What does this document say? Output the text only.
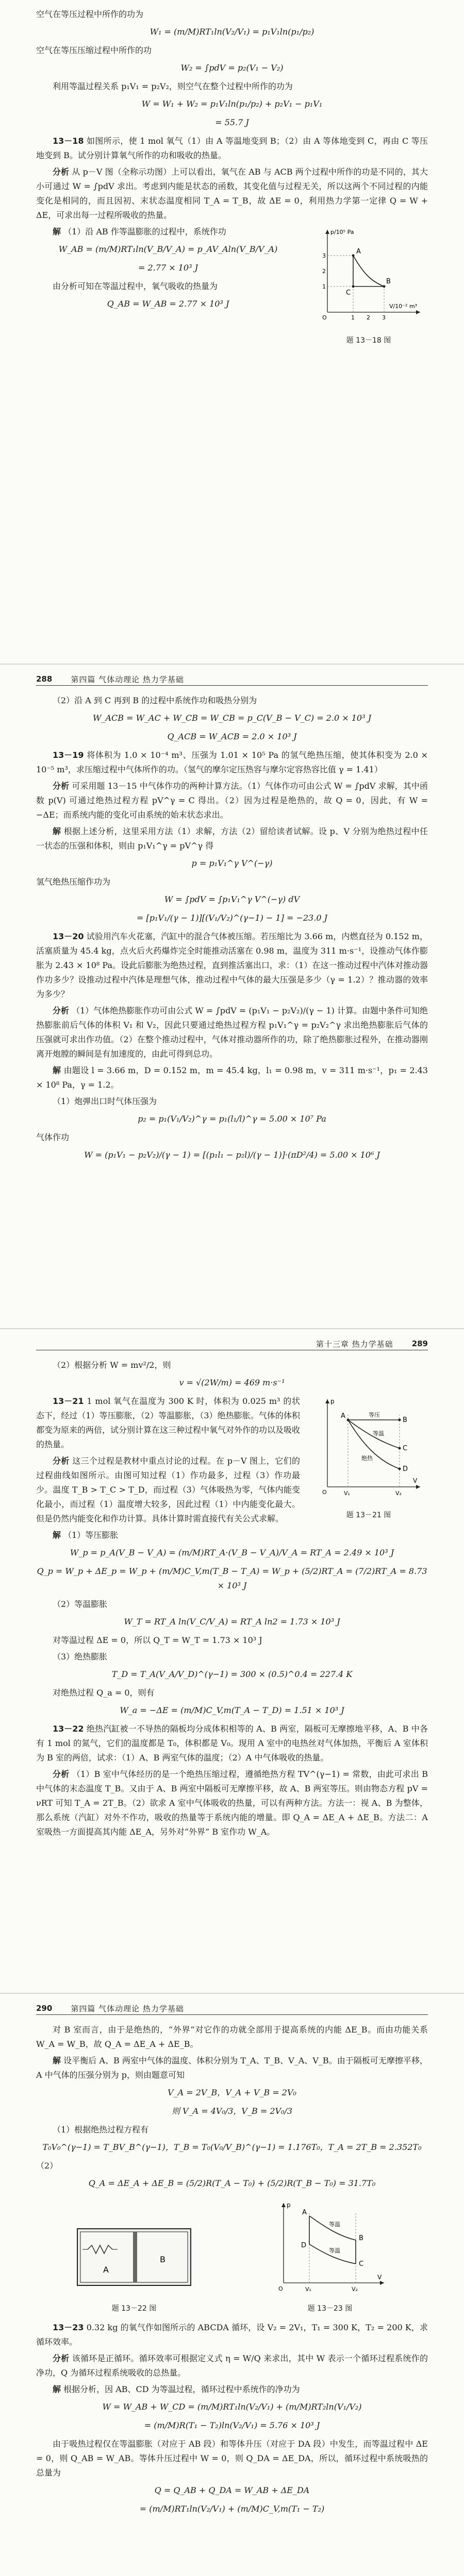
空气在等压过程中所作的功为

W₁ = (m/M)RT₁ln(V₂/V₁) = p₁V₁ln(p₁/p₂)

空气在等压压缩过程中所作的功

W₂ = ∫pdV = p₂(V₁ − V₂)

利用等温过程关系 p₁V₁ = p₂V₂，则空气在整个过程中所作的功为

W = W₁ + W₂ = p₁V₁ln(p₁/p₂) + p₂V₁ − p₁V₁
= 55.7 J

13－18 如图所示，使 1 mol 氧气（1）由 A 等温地变到 B；（2）由 A 等体地变到 C，再由 C 等压地变到 B。试分别计算氧气所作的功和吸收的热量。

分析 从 p－V 图（全称示功图）上可以看出，氧气在 AB 与 ACB 两个过程中所作的功是不同的，其大小可通过 W = ∫pdV 求出。考虑到内能是状态的函数，其变化值与过程无关，所以这两个不同过程的内能变化是相同的，而且因初、末状态温度相同 T_A = T_B，故 ΔE = 0，利用热力学第一定律 Q = W + ΔE，可求出每一过程所吸收的热量。

解 （1）沿 AB 作等温膨胀的过程中，系统作功

W_AB = (m/M)RT₁ln(V_B/V_A) = p_AV_Aln(V_B/V_A)
= 2.77 × 10³ J

由分析可知在等温过程中，氧气吸收的热量为

Q_AB = W_AB = 2.77 × 10³ J
A
B
C
p/10⁵ Pa
V/10⁻² m³
O
1
2
3
1 2 3
题 13－18 图
288 第四篇 气体动理论 热力学基础

（2）沿 A 到 C 再到 B 的过程中系统作功和吸热分别为

W_ACB = W_AC + W_CB = W_CB = p_C(V_B − V_C) = 2.0 × 10³ J
Q_ACB = W_ACB = 2.0 × 10³ J

13－19 将体积为 1.0 × 10⁻⁴ m³、压强为 1.01 × 10⁵ Pa 的氢气绝热压缩，使其体积变为 2.0 × 10⁻⁵ m³，求压缩过程中气体所作的功。（氢气的摩尔定压热容与摩尔定容热容比值 γ = 1.41）

分析 可采用题 13－15 中气体作功的两种计算方法。（1）气体作功可由公式 W = ∫pdV 求解，其中函数 p(V) 可通过绝热过程方程 pV^γ = C 得出。（2）因为过程是绝热的，故 Q = 0，因此，有 W = −ΔE；而系统内能的变化可由系统的始末状态求出。

解 根据上述分析，这里采用方法（1）求解，方法（2）留给读者试解。设 p、V 分别为绝热过程中任一状态的压强和体积，则由 p₁V₁^γ = pV^γ 得

p = p₁V₁^γ V^(−γ)

氢气绝热压缩作功为

W = ∫pdV = ∫p₁V₁^γ V^(−γ) dV
= [p₁V₁/(γ − 1)][(V₁/V₂)^(γ−1) − 1] = −23.0 J

13－20 试验用汽车火花塞，汽缸中的混合气体被压缩。若压缩比为 3.66 m，内燃直径为 0.152 m，活塞质量为 45.4 kg，点火后火药爆炸完全时能推动活塞在 0.98 m，温度为 311 m·s⁻¹，设推动气体作膨胀为 2.43 × 10⁸ Pa。设此后膨胀为绝热过程，直到推活塞出口，求：（1）在这一推动过程中汽体对推动器作功多少？设推动过程中汽体是理想气体，推动过程中气体的最大压强是多少（γ = 1.2）？推动器的效率为多少？

分析 （1）气体绝热膨胀作功可由公式 W = ∫pdV = (p₁V₁ − p₂V₂)/(γ − 1) 计算。由题中条件可知绝热膨胀前后气体的体积 V₁ 和 V₂，因此只要通过绝热过程方程 p₁V₁^γ = p₂V₂^γ 求出绝热膨胀后气体的压强就可求出作功值。（2）在整个推动过程中，气体对推动器所作的功，除了绝热膨胀过程外，在推动器刚离开炮膛的瞬间是有加速度的，由此可得到总功。

解 由题设 l = 3.66 m，D = 0.152 m，m = 45.4 kg，l₁ = 0.98 m，v = 311 m·s⁻¹，p₁ = 2.43 × 10⁸ Pa，γ = 1.2。

（1）炮弹出口时气体压强为

p₂ = p₁(V₁/V₂)^γ = p₁(l₁/l)^γ = 5.00 × 10⁷ Pa

气体作功

W = (p₁V₁ − p₂V₂)/(γ − 1) = [(p₁l₁ − p₂l)/(γ − 1)]·(πD²/4) = 5.00 × 10⁶ J
第十三章 热力学基础 289

（2）根据分析 W = mv²/2，则

v = √(2W/m) = 469 m·s⁻¹

13－21 1 mol 氧气在温度为 300 K 时，体积为 0.025 m³ 的状态下，经过（1）等压膨胀，（2）等温膨胀，（3）绝热膨胀。气体的体积都变为原来的两倍，试分别计算在这三种过程中氧气对外作的功以及吸收的热量。

分析 这三个过程是教材中重点讨论的过程。在 p－V 图上，它们的过程曲线如图所示。由图可知过程（1）作功最多，过程（3）作功最少。温度 T_B > T_C > T_D，而过程（3）气体吸热为零，气体内能变化最小，而过程（1）温度增大较多，因此过程（1）中内能变化最大。但是仍然内能变化和作功计算。具体计算时需直接代有关公式求解。

A
B
C
D
等压
等温
绝热
p
V
O	V₁	V₂
题 13－21 图

解 （1）等压膨胀

W_p = p_A(V_B − V_A) = (m/M)RT_A·(V_B − V_A)/V_A = RT_A = 2.49 × 10³ J
Q_p = W_p + ΔE_p = W_p + (m/M)C_V,m(T_B − T_A) = W_p + (5/2)RT_A = (7/2)RT_A = 8.73 × 10³ J

（2）等温膨胀

W_T = RT_A ln(V_C/V_A) = RT_A ln2 = 1.73 × 10³ J

对等温过程 ΔE = 0，所以 Q_T = W_T = 1.73 × 10³ J

（3）绝热膨胀

T_D = T_A(V_A/V_D)^(γ−1) = 300 × (0.5)^0.4 = 227.4 K

对绝热过程 Q_a = 0，则有

W_a = −ΔE = (m/M)C_V,m(T_A − T_D) = 1.51 × 10³ J

13－22 绝热汽缸被一不导热的隔板均分成体积相等的 A、B 两室，隔板可无摩擦地平移，A、B 中各有 1 mol 的氮气，它们的温度都是 T₀，体积都是 V₀。现用 A 室中的电热丝对气体加热，平衡后 A 室体积为 B 室的两倍，试求：（1）A、B 两室气体的温度；（2）A 中气体吸收的热量。

分析 （1）B 室中气体经历的是一个绝热压缩过程，遵循绝热方程 TV^(γ−1) = 常数，由此可求出 B 中气体的末态温度 T_B。又由于 A、B 两室中隔板可无摩擦平移，故 A、B 两室等压。则由物态方程 pV = νRT 可知 T_A = 2T_B。（2）欲求 A 室中气体吸收的热量，可以有两种方法。方法一：视 A、B 为整体，那么系统（汽缸）对外不作功，吸收的热量等于系统内能的增量。即 Q_A = ΔE_A + ΔE_B。方法二：A 室吸热一方面提高其内能 ΔE_A，另外对“外界” B 室作功 W_A。

290 第四篇 气体动理论 热力学基础

对 B 室而言，由于是绝热的，“外界”对它作的功就全部用于提高系统的内能 ΔE_B。而由功能关系 W_A = W_B，故 Q_A = ΔE_A + ΔE_B。

解 设平衡后 A、B 两室中气体的温度、体积分别为 T_A、T_B、V_A、V_B。由于隔板可无摩擦平移，A 中气体的压强分别为 p，则由题意可知

V_A = 2V_B，V_A + V_B = 2V₀
则 V_A = 4V₀/3，V_B = 2V₀/3

（1）根据绝热过程方程有

T₀V₀^(γ−1) = T_BV_B^(γ−1)，T_B = T₀(V₀/V_B)^(γ−1) = 1.176T₀，T_A = 2T_B = 2.352T₀

（2）

Q_A = ΔE_A + ΔE_B = (5/2)R(T_A − T₀) + (5/2)R(T_B − T₀) = 31.7T₀
A
B
题 13－22 图
A
B
C
D
等温
等温
p
V
O	V₁	V₂
题 13－23 图

13－23 0.32 kg 的氧气作如图所示的 ABCDA 循环，设 V₂ = 2V₁，T₁ = 300 K，T₂ = 200 K，求循环效率。

分析 该循环是正循环。循环效率可根据定义式 η = W/Q 来求出，其中 W 表示一个循环过程系统作的净功，Q 为循环过程系统吸收的总热量。

解 根据分析，因 AB、CD 为等温过程，循环过程中系统作的净功为

W = W_AB + W_CD = (m/M)RT₁ln(V₂/V₁) + (m/M)RT₂ln(V₁/V₂)
= (m/M)R(T₁ − T₂)ln(V₂/V₁) = 5.76 × 10³ J

由于吸热过程仅在等温膨胀（对应于 AB 段）和等体升压（对应于 DA 段）中发生，而等温过程中 ΔE = 0，则 Q_AB = W_AB。等体升压过程中 W = 0，则 Q_DA = ΔE_DA，所以，循环过程中系统吸热的总量为

Q = Q_AB + Q_DA = W_AB + ΔE_DA
= (m/M)RT₁ln(V₂/V₁) + (m/M)C_V,m(T₁ − T₂)
